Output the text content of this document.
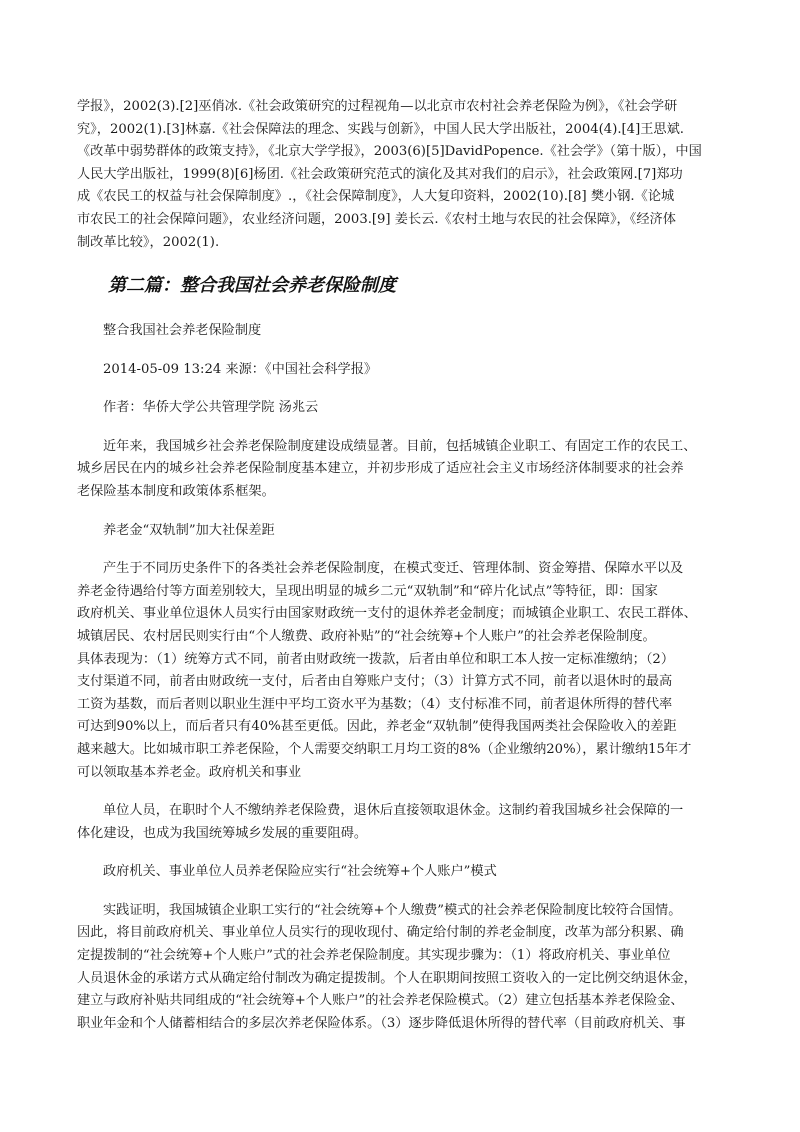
学报》，2002(3).[2]巫俏冰.《社会政策研究的过程视角—以北京市农村社会养老保险为例》，《社会学研
究》，2002(1).[3]林嘉.《社会保障法的理念、实践与创新》，中国人民大学出版社，2004(4).[4]王思斌.
《改革中弱势群体的政策支持》，《北京大学学报》，2003(6)[5]DavidPopence.《社会学》（第十版），中国
人民大学出版社，1999(8)[6]杨团.《社会政策研究范式的演化及其对我们的启示》，社会政策网.[7]郑功
成《农民工的权益与社会保障制度》.，《社会保障制度》，人大复印资料，2002(10).[8] 樊小钢.《论城
市农民工的社会保障问题》，农业经济问题，2003.[9] 姜长云.《农村土地与农民的社会保障》，《经济体
制改革比较》，2002(1).
第二篇：整合我国社会养老保险制度
整合我国社会养老保险制度
2014-05-09 13:24 来源：《中国社会科学报》
作者：华侨大学公共管理学院 汤兆云
近年来，我国城乡社会养老保险制度建设成绩显著。目前，包括城镇企业职工、有固定工作的农民工、
城乡居民在内的城乡社会养老保险制度基本建立，并初步形成了适应社会主义市场经济体制要求的社会养
老保险基本制度和政策体系框架。
养老金“双轨制”加大社保差距
产生于不同历史条件下的各类社会养老保险制度，在模式变迁、管理体制、资金筹措、保障水平以及
养老金待遇给付等方面差别较大，呈现出明显的城乡二元“双轨制”和“碎片化试点”等特征，即：国家
政府机关、事业单位退休人员实行由国家财政统一支付的退休养老金制度；而城镇企业职工、农民工群体、
城镇居民、农村居民则实行由“个人缴费、政府补贴”的“社会统筹+个人账户”的社会养老保险制度。
具体表现为：（1）统筹方式不同，前者由财政统一拨款，后者由单位和职工本人按一定标准缴纳；（2）
支付渠道不同，前者由财政统一支付，后者由自筹账户支付；（3）计算方式不同，前者以退休时的最高
工资为基数，而后者则以职业生涯中平均工资水平为基数；（4）支付标准不同，前者退休所得的替代率
可达到90%以上，而后者只有40%甚至更低。因此，养老金“双轨制”使得我国两类社会保险收入的差距
越来越大。比如城市职工养老保险，个人需要交纳职工月均工资的8%（企业缴纳20%），累计缴纳15年才
可以领取基本养老金。政府机关和事业
单位人员，在职时个人不缴纳养老保险费，退休后直接领取退休金。这制约着我国城乡社会保障的一
体化建设，也成为我国统筹城乡发展的重要阻碍。
政府机关、事业单位人员养老保险应实行“社会统筹+个人账户”模式
实践证明，我国城镇企业职工实行的“社会统筹+个人缴费”模式的社会养老保险制度比较符合国情。
因此，将目前政府机关、事业单位人员实行的现收现付、确定给付制的养老金制度，改革为部分积累、确
定提拨制的“社会统筹+个人账户”式的社会养老保险制度。其实现步骤为：（1）将政府机关、事业单位
人员退休金的承诺方式从确定给付制改为确定提拨制。个人在职期间按照工资收入的一定比例交纳退休金，
建立与政府补贴共同组成的“社会统筹+个人账户”的社会养老保险模式。（2）建立包括基本养老保险金、
职业年金和个人储蓄相结合的多层次养老保险体系。（3）逐步降低退休所得的替代率（目前政府机关、事
